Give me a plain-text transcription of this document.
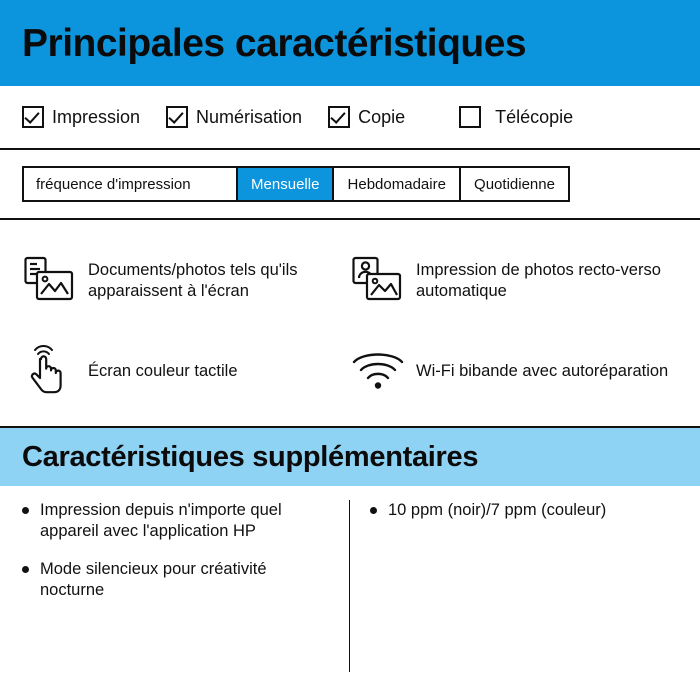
Principales caractéristiques
Impression	Numérisation	Copie	Télécopie
fréquence d'impression	Mensuelle	Hebdomadaire	Quotidienne
Documents/photos tels qu'ils apparaissent à l'écran
Impression de photos recto-verso automatique
Écran couleur tactile	Wi-Fi bibande avec autoréparation
Caractéristiques supplémentaires
Impression depuis n'importe quel appareil avec l'application HP
Mode silencieux pour créativité nocturne
10 ppm (noir)/7 ppm (couleur)
